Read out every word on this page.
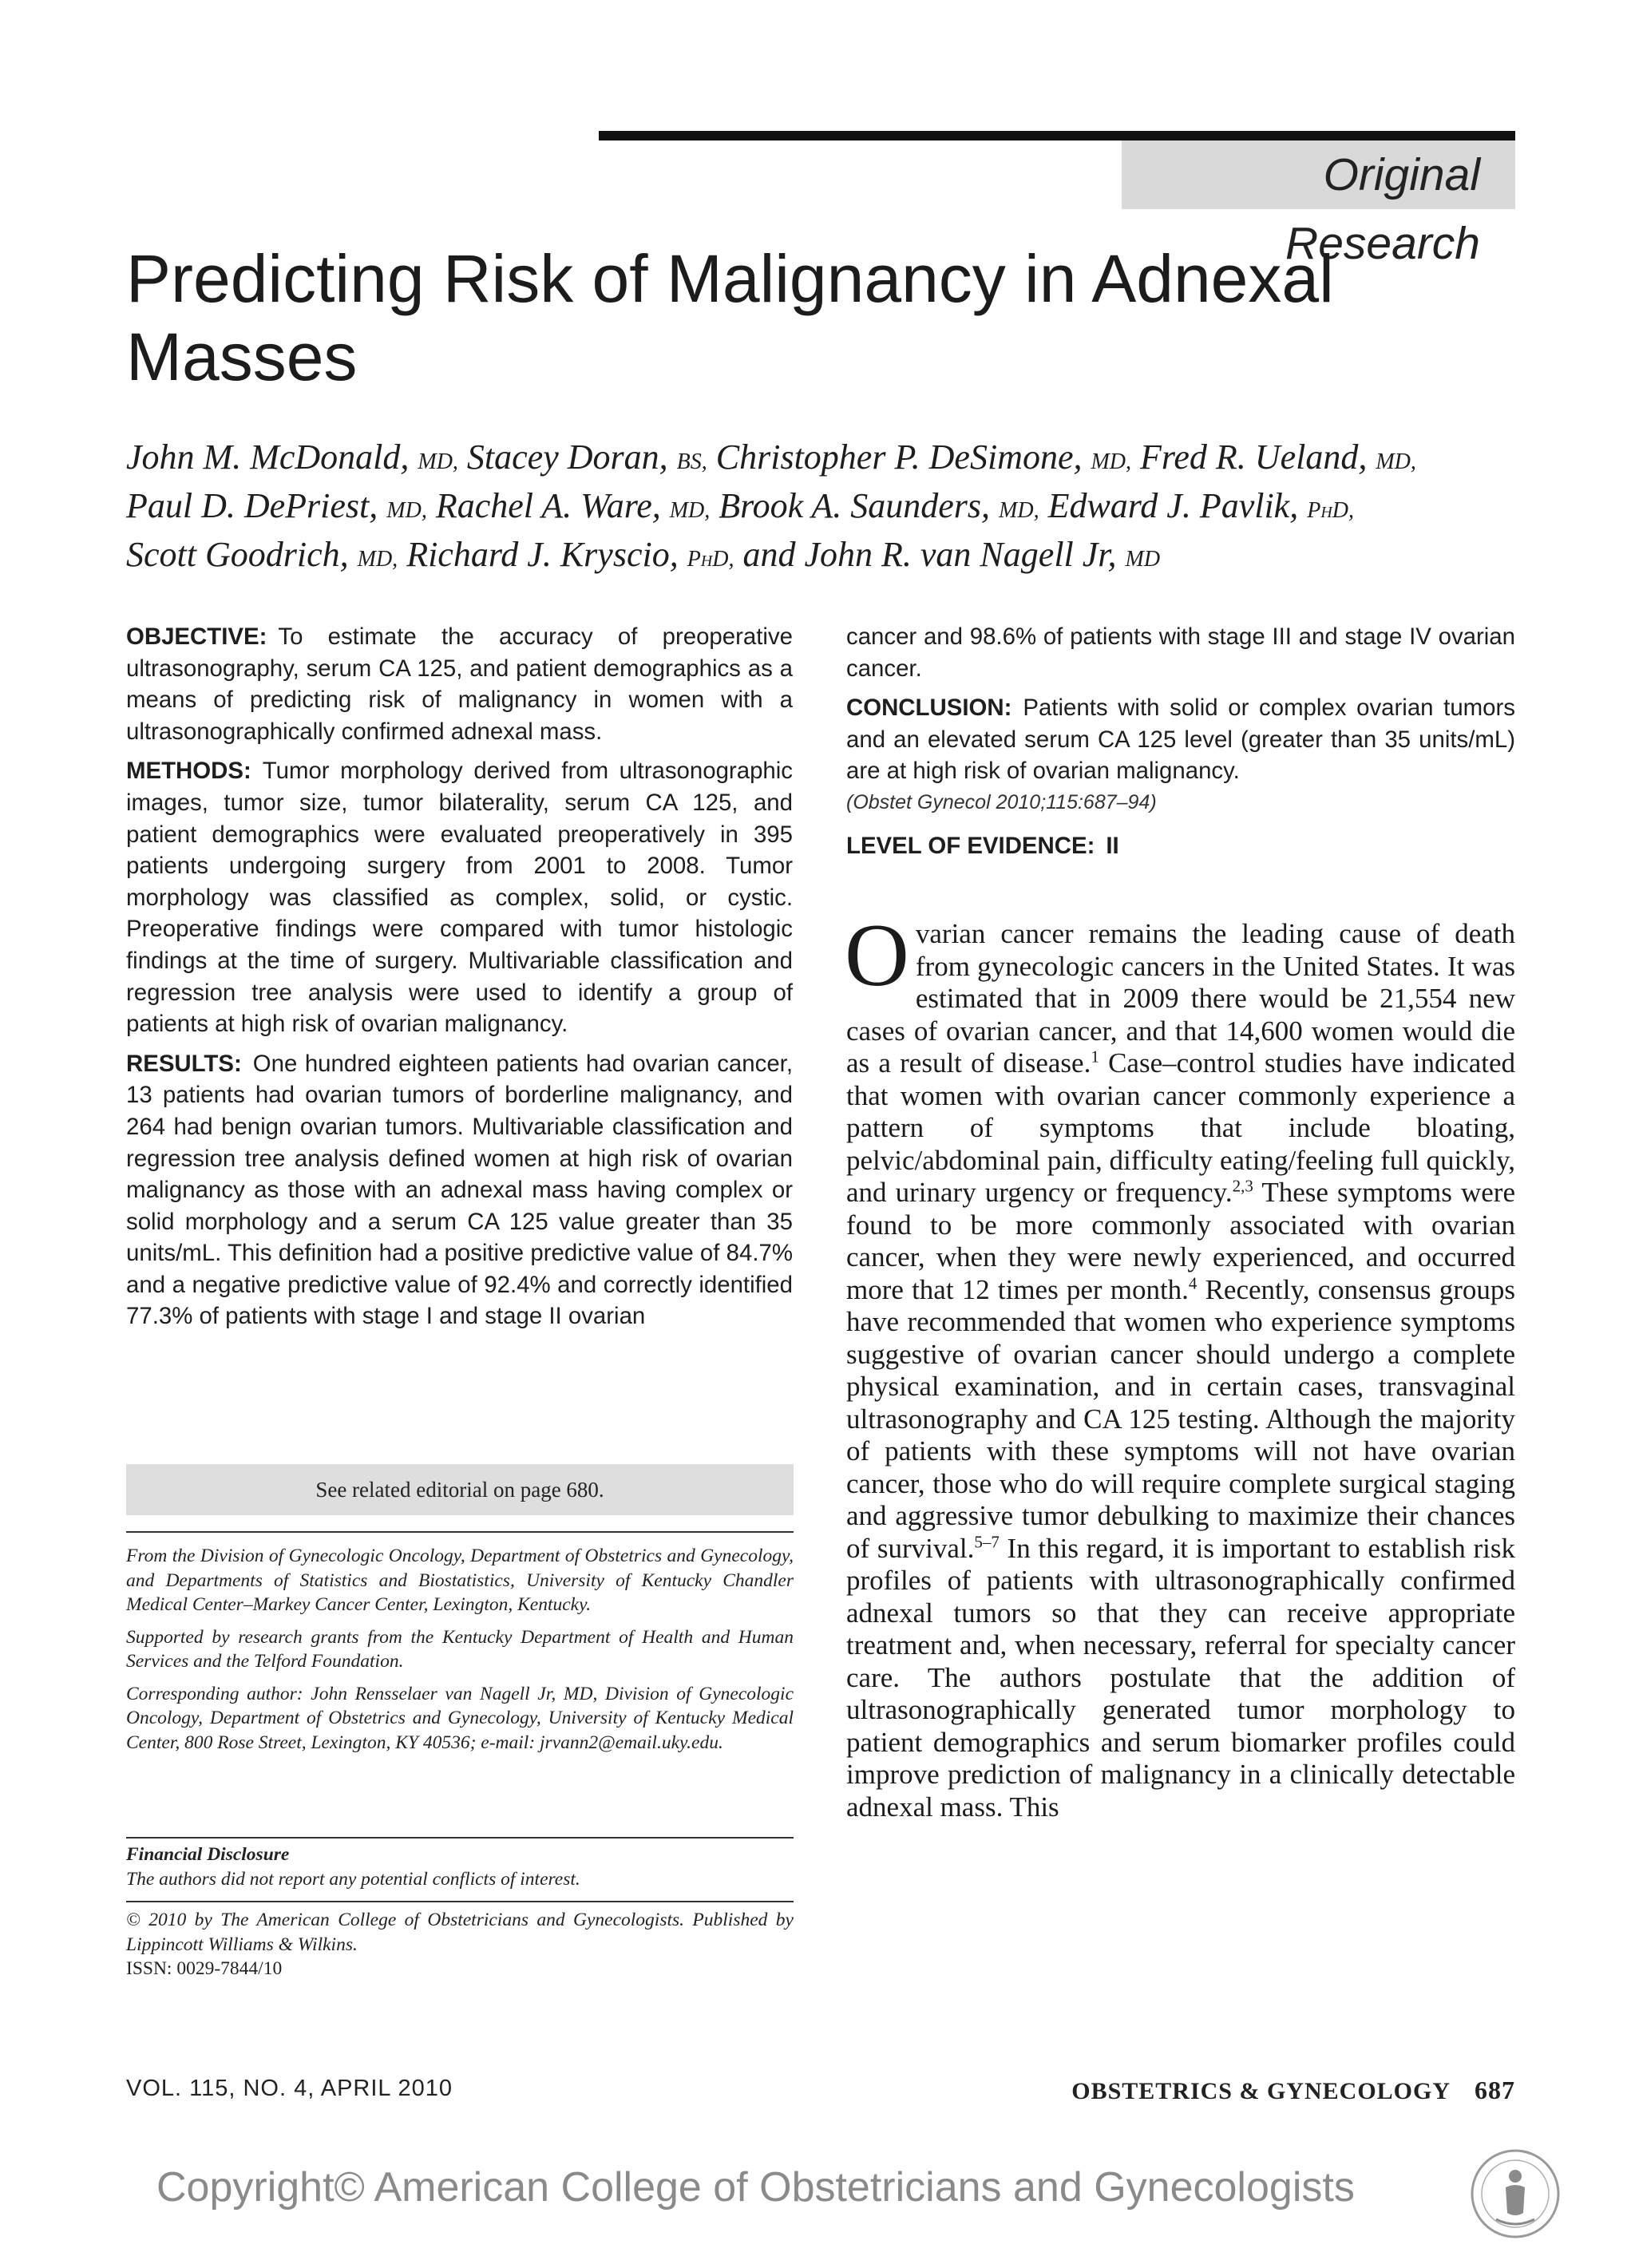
Original Research
Predicting Risk of Malignancy in Adnexal Masses
John M. McDonald, MD, Stacey Doran, BS, Christopher P. DeSimone, MD, Fred R. Ueland, MD,
Paul D. DePriest, MD, Rachel A. Ware, MD, Brook A. Saunders, MD, Edward J. Pavlik, PhD,
Scott Goodrich, MD, Richard J. Kryscio, PhD, and John R. van Nagell Jr, MD

OBJECTIVE: To estimate the accuracy of preoperative ultrasonography, serum CA 125, and patient demographics as a means of predicting risk of malignancy in women with a ultrasonographically confirmed adnexal mass.

METHODS: Tumor morphology derived from ultrasonographic images, tumor size, tumor bilaterality, serum CA 125, and patient demographics were evaluated preoperatively in 395 patients undergoing surgery from 2001 to 2008. Tumor morphology was classified as complex, solid, or cystic. Preoperative findings were compared with tumor histologic findings at the time of surgery. Multivariable classification and regression tree analysis were used to identify a group of patients at high risk of ovarian malignancy.

RESULTS: One hundred eighteen patients had ovarian cancer, 13 patients had ovarian tumors of borderline malignancy, and 264 had benign ovarian tumors. Multivariable classification and regression tree analysis defined women at high risk of ovarian malignancy as those with an adnexal mass having complex or solid morphology and a serum CA 125 value greater than 35 units/mL. This definition had a positive predictive value of 84.7% and a negative predictive value of 92.4% and correctly identified 77.3% of patients with stage I and stage II ovarian

cancer and 98.6% of patients with stage III and stage IV ovarian cancer.

CONCLUSION: Patients with solid or complex ovarian tumors and an elevated serum CA 125 level (greater than 35 units/mL) are at high risk of ovarian malignancy.

(Obstet Gynecol 2010;115:687–94)

LEVEL OF EVIDENCE: II

See related editorial on page 680.

From the Division of Gynecologic Oncology, Department of Obstetrics and Gynecology, and Departments of Statistics and Biostatistics, University of Kentucky Chandler Medical Center–Markey Cancer Center, Lexington, Kentucky.

Supported by research grants from the Kentucky Department of Health and Human Services and the Telford Foundation.

Corresponding author: John Rensselaer van Nagell Jr, MD, Division of Gynecologic Oncology, Department of Obstetrics and Gynecology, University of Kentucky Medical Center, 800 Rose Street, Lexington, KY 40536; e-mail: jrvann2@email.uky.edu.

Financial Disclosure
The authors did not report any potential conflicts of interest.

© 2010 by The American College of Obstetricians and Gynecologists. Published by Lippincott Williams & Wilkins.

ISSN: 0029-7844/10

Ovarian cancer remains the leading cause of death from gynecologic cancers in the United States. It was estimated that in 2009 there would be 21,554 new cases of ovarian cancer, and that 14,600 women would die as a result of disease.$^1$ Case–control studies have indicated that women with ovarian cancer commonly experience a pattern of symptoms that include bloating, pelvic/abdominal pain, difficulty eating/feeling full quickly, and urinary urgency or frequency.$^{2,3}$ These symptoms were found to be more commonly associated with ovarian cancer, when they were newly experienced, and occurred more that 12 times per month.$^4$ Recently, consensus groups have recommended that women who experience symptoms suggestive of ovarian cancer should undergo a complete physical examination, and in certain cases, transvaginal ultrasonography and CA 125 testing. Although the majority of patients with these symptoms will not have ovarian cancer, those who do will require complete surgical staging and aggressive tumor debulking to maximize their chances of survival.$^{5-7}$ In this regard, it is important to establish risk profiles of patients with ultrasonographically confirmed adnexal tumors so that they can receive appropriate treatment and, when necessary, referral for specialty cancer care. The authors postulate that the addition of ultrasonographically generated tumor morphology to patient demographics and serum biomarker profiles could improve prediction of malignancy in a clinically detectable adnexal mass. This

VOL. 115, NO. 4, APRIL 2010	OBSTETRICS & GYNECOLOGY 687
Copyright© American College of Obstetricians and Gynecologists
